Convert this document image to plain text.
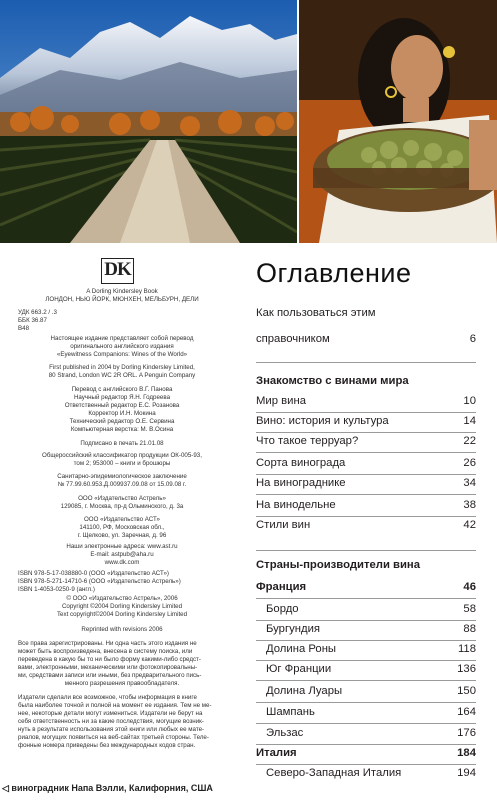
DK
A Dorling Kindersley Book
ЛОНДОН, НЬЮ ЙОРК, МЮНХЕН, МЕЛЬБУРН, ДЕЛИ
УДК 663.2 / .3
ББК 36.87
В48
Настоящее издание представляет собой перевод
оригинального английского издания
«Eyewitness Companions: Wines of the World»
First published in 2004 by Dorling Kindersley Limited,
80 Strand, London WC 2R ORL. A Penguin Company
Перевод с английского В.Г. Панова
Научный редактор Я.Н. Годреева
Ответственный редактор Е.С. Розанова
Корректор И.Н. Мокина
Технический редактор О.Е. Сервина
Компьютерная верстка: М. В.Осина
Подписано в печать 21.01.08
Общероссийский классификатор продукции ОК-005-93,
том 2; 953000 – книги и брошюры
Санитарно-эпидемиологическое заключение
№ 77.99.60.953.Д.009937.09.08 от 15.09.08 г.
ООО «Издательство Астрель»
129085, г. Москва, пр-д Ольминского, д. 3а
ООО «Издательство АСТ»
141100, РФ, Московская обл.,
г. Щелково, ул. Заречная, д. 96
Наши электронные адреса: www.ast.ru
E-mail: astpub@aha.ru
www.dk.com
ISBN 978-5-17-038880-0 (ООО «Издательство АСТ»)
ISBN 978-5-271-14710-6 (ООО «Издательство Астрель»)
ISBN 1-4053-0250-9 (англ.)
© ООО «Издательство Астрель», 2006
Copyright ©2004 Dorling Kindersley Limited
Text copyright©2004 Dorling Kindersley Limited
Reprinted with revisions 2006
Все права зарегистрированы. Ни одна часть этого издания не
может быть воспроизведена, внесена в систему поиска, или
переведена в какую бы то ни было форму какими-либо средст-
вами, электронными, механическими или фотокопировальны-
ми, средствами записи или иными, без предварительного пись-
менного разрешения правообладателя.
Издатели сделали все возможное, чтобы информация в книге
была наиболее точной и полной на момент ее издания. Тем не ме-
нее, некоторые детали могут измениться. Издатели не берут на
себя ответственность ни за какие последствия, могущие возник-
нуть в результате использования этой книги или любых ее мате-
риалов, могущих появиться на веб-сайтах третьей стороны. Теле-
фонные номера приведены без международных кодов стран.
Оглавление
Как пользоваться этим
справочником	6
Знакомство с винами мира
Мир вина	10
Вино: история и культура	14
Что такое терруар?	22
Сорта винограда	26
На винограднике	34
На винодельне	38
Стили вин	42
Страны-производители вина
Франция	46
Бордо	58
Бургундия	88
Долина Роны	118
Юг Франции	136
Долина Луары	150
Шампань	164
Эльзас	176
Италия	184
Северо-Западная Италия	194
◁ виноградник Напа Вэлли, Калифорния, США
